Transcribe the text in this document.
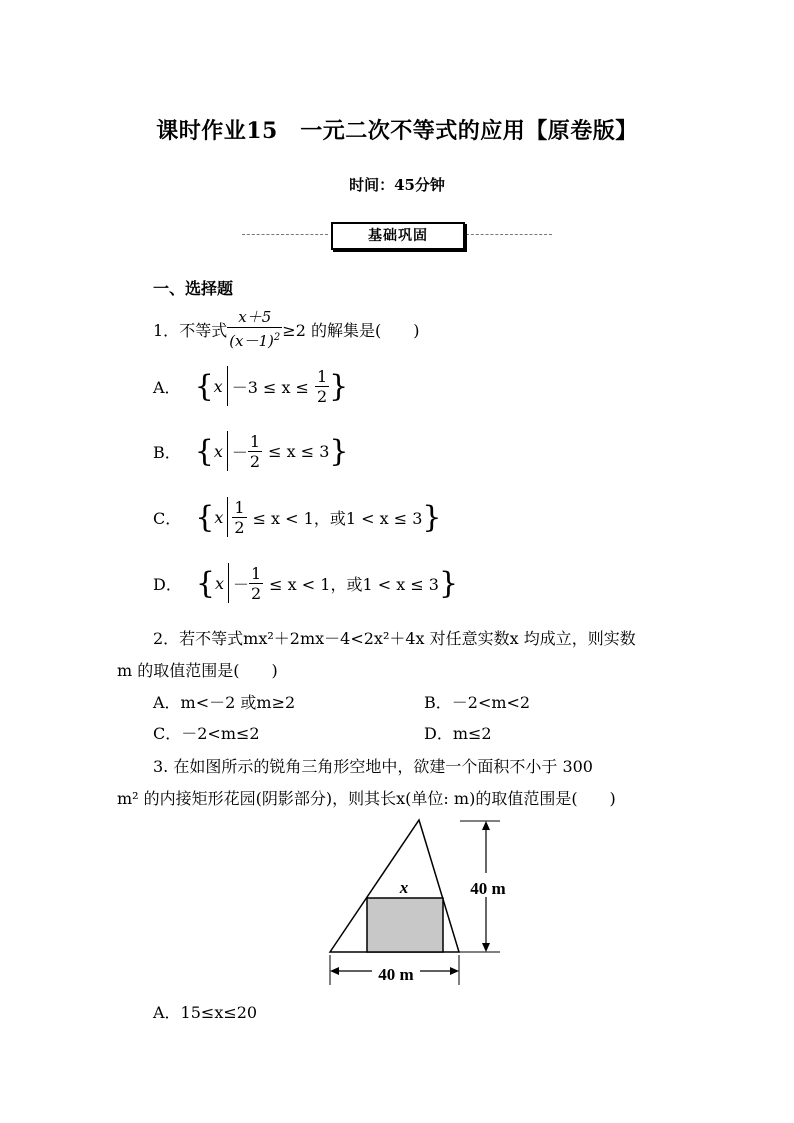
课时作业15　一元二次不等式的应用【原卷版】
时间：45分钟
基础巩固
一、选择题
1． 不等式 $\frac{x+5}{(x-1)^2} \ge 2$ 的解集是(　　)
A． { $x -3 \le x \le \frac{1}{2}$ }
B． { $x - \frac{1}{2} \le x \le 3$ }
C． { x $\frac{1}{2} \le x < 1$，或1 < x ≤ 3 }
D． { $x - \frac{1}{2} \le x < 1$，或1 < x ≤ 3 }
2．若不等式mx²＋2mx－4<2x²＋4x 对任意实数x 均成立，则实数
m 的取值范围是(　　)
A．m<－2 或m≥2	B．－2<m<2
C．－2<m≤2	D．m≤2
3. 在如图所示的锐角三角形空地中，欲建一个面积不小于 300
m² 的内接矩形花园(阴影部分)，则其长x(单位: m)的取值范围是(　　)
x	40 m
40 m
A．15≤x≤20
